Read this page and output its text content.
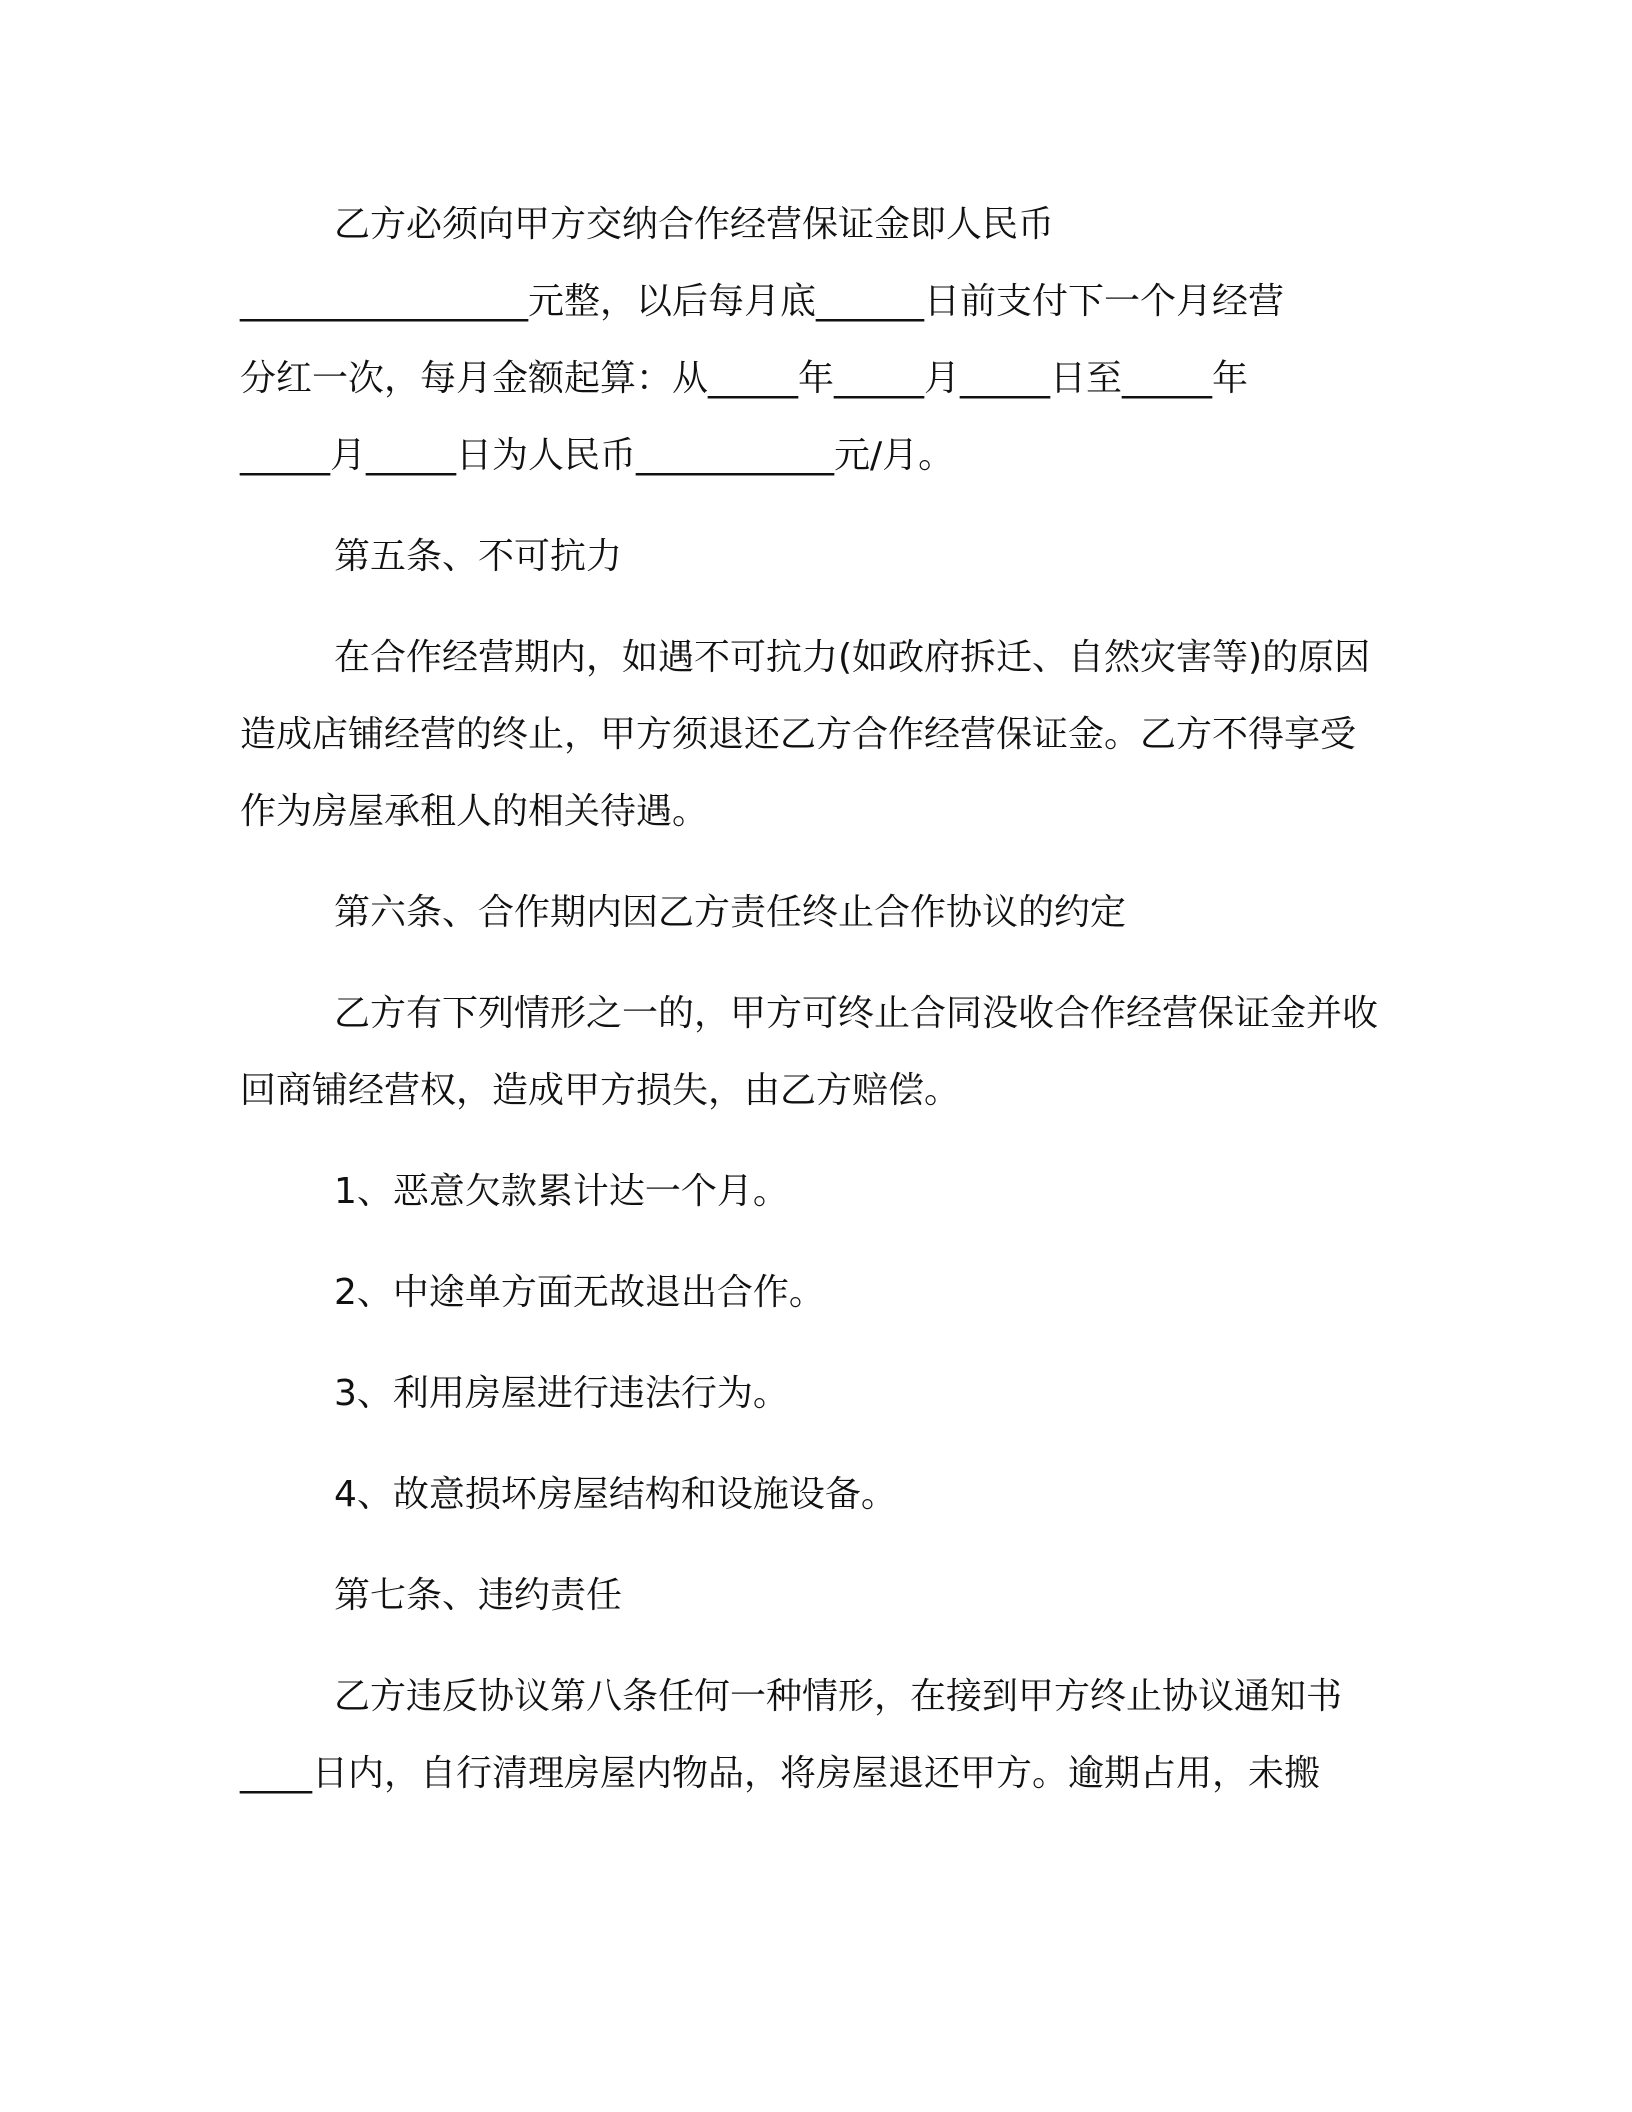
乙方必须向甲方交纳合作经营保证金即人民币
________________元整，以后每月底______日前支付下一个月经营
分红一次，每月金额起算：从_____年_____月_____日至_____年
_____月_____日为人民币___________元/月。

第五条、不可抗力

在合作经营期内，如遇不可抗力(如政府拆迁、自然灾害等)的原因造成店铺经营的终止，甲方须退还乙方合作经营保证金。乙方不得享受作为房屋承租人的相关待遇。

第六条、合作期内因乙方责任终止合作协议的约定

乙方有下列情形之一的，甲方可终止合同没收合作经营保证金并收回商铺经营权，造成甲方损失，由乙方赔偿。

1、恶意欠款累计达一个月。

2、中途单方面无故退出合作。

3、利用房屋进行违法行为。

4、故意损坏房屋结构和设施设备。

第七条、违约责任

乙方违反协议第八条任何一种情形，在接到甲方终止协议通知书
____日内，自行清理房屋内物品，将房屋退还甲方。逾期占用，未搬
